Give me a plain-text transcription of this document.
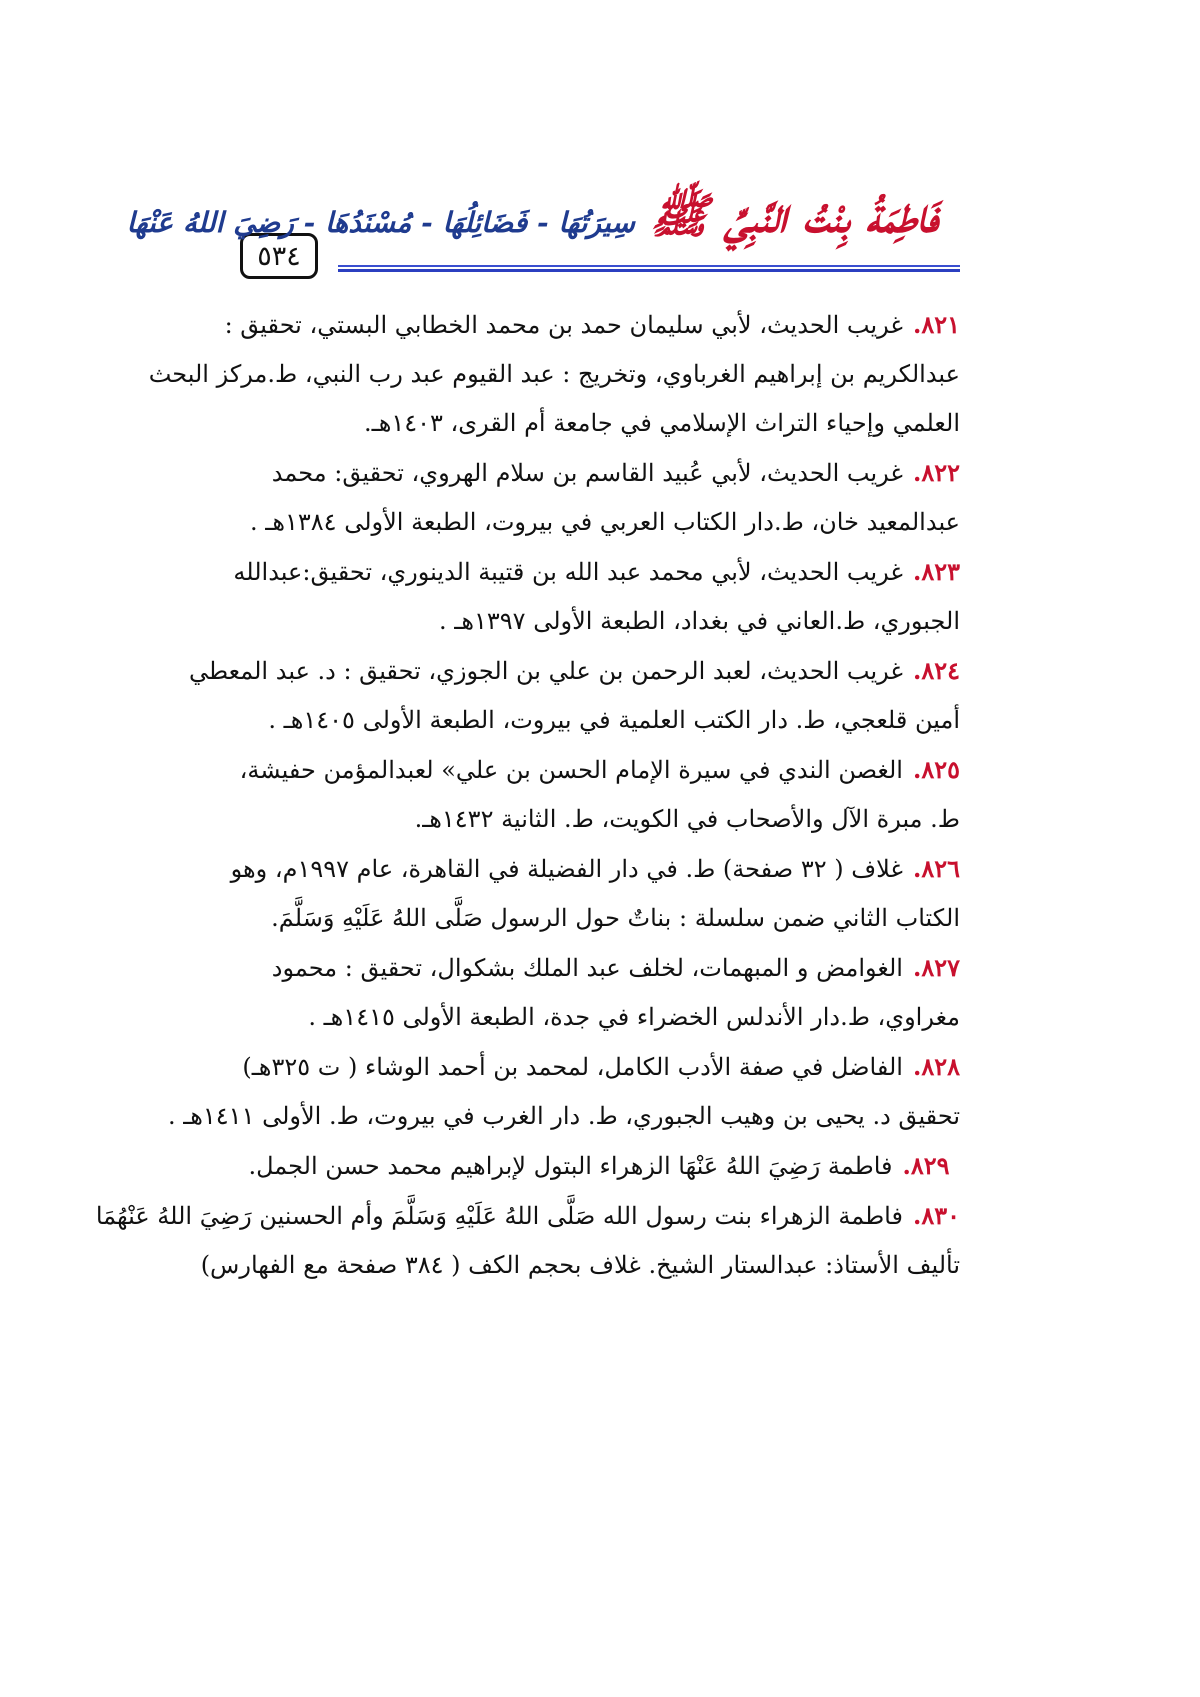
٥٣٤
فَاطِمَةُ بِنْتُ النَّبِيِّ ﷺ سِيرَتُهَا - فَضَائِلُهَا - مُسْنَدُهَا - رَضِيَ اللهُ عَنْهَا

٨٢١.غريب الحديث، لأبي سليمان حمد بن محمد الخطابي البستي، تحقيق :
عبدالكريم بن إبراهيم الغرباوي، وتخريج : عبد القيوم عبد رب النبي، ط.مركز البحث
العلمي وإحياء التراث الإسلامي في جامعة أم القرى، ١٤٠٣هـ.

٨٢٢.غريب الحديث، لأبي عُبيد القاسم بن سلام الهروي، تحقيق: محمد
عبدالمعيد خان، ط.دار الكتاب العربي في بيروت، الطبعة الأولى ١٣٨٤هـ .

٨٢٣.غريب الحديث، لأبي محمد عبد الله بن قتيبة الدينوري، تحقيق:عبدالله
الجبوري، ط.العاني في بغداد، الطبعة الأولى ١٣٩٧هـ .

٨٢٤.غريب الحديث، لعبد الرحمن بن علي بن الجوزي، تحقيق : د. عبد المعطي
أمين قلعجي، ط. دار الكتب العلمية في بيروت، الطبعة الأولى ١٤٠٥هـ .

٨٢٥.الغصن الندي في سيرة الإمام الحسن بن علي» لعبدالمؤمن حفيشة،
ط. مبرة الآل والأصحاب في الكويت، ط. الثانية ١٤٣٢هـ.

٨٢٦.غلاف ( ٣٢ صفحة) ط. في دار الفضيلة في القاهرة، عام ١٩٩٧م، وهو
الكتاب الثاني ضمن سلسلة : بناتٌ حول الرسول صَلَّى اللهُ عَلَيْهِ وَسَلَّمَ.

٨٢٧.الغوامض و المبهمات، لخلف عبد الملك بشكوال، تحقيق : محمود
مغراوي، ط.دار الأندلس الخضراء في جدة، الطبعة الأولى ١٤١٥هـ .

٨٢٨.الفاضل في صفة الأدب الكامل، لمحمد بن أحمد الوشاء ( ت ٣٢٥هـ)
تحقيق د. يحيى بن وهيب الجبوري، ط. دار الغرب في بيروت، ط. الأولى ١٤١١هـ .

٨٢٩.فاطمة رَضِيَ اللهُ عَنْهَا الزهراء البتول لإبراهيم محمد حسن الجمل.

٨٣٠.فاطمة الزهراء بنت رسول الله صَلَّى اللهُ عَلَيْهِ وَسَلَّمَ وأم الحسنين رَضِيَ اللهُ عَنْهُمَا
تأليف الأستاذ: عبدالستار الشيخ. غلاف بحجم الكف ( ٣٨٤ صفحة مع الفهارس)
